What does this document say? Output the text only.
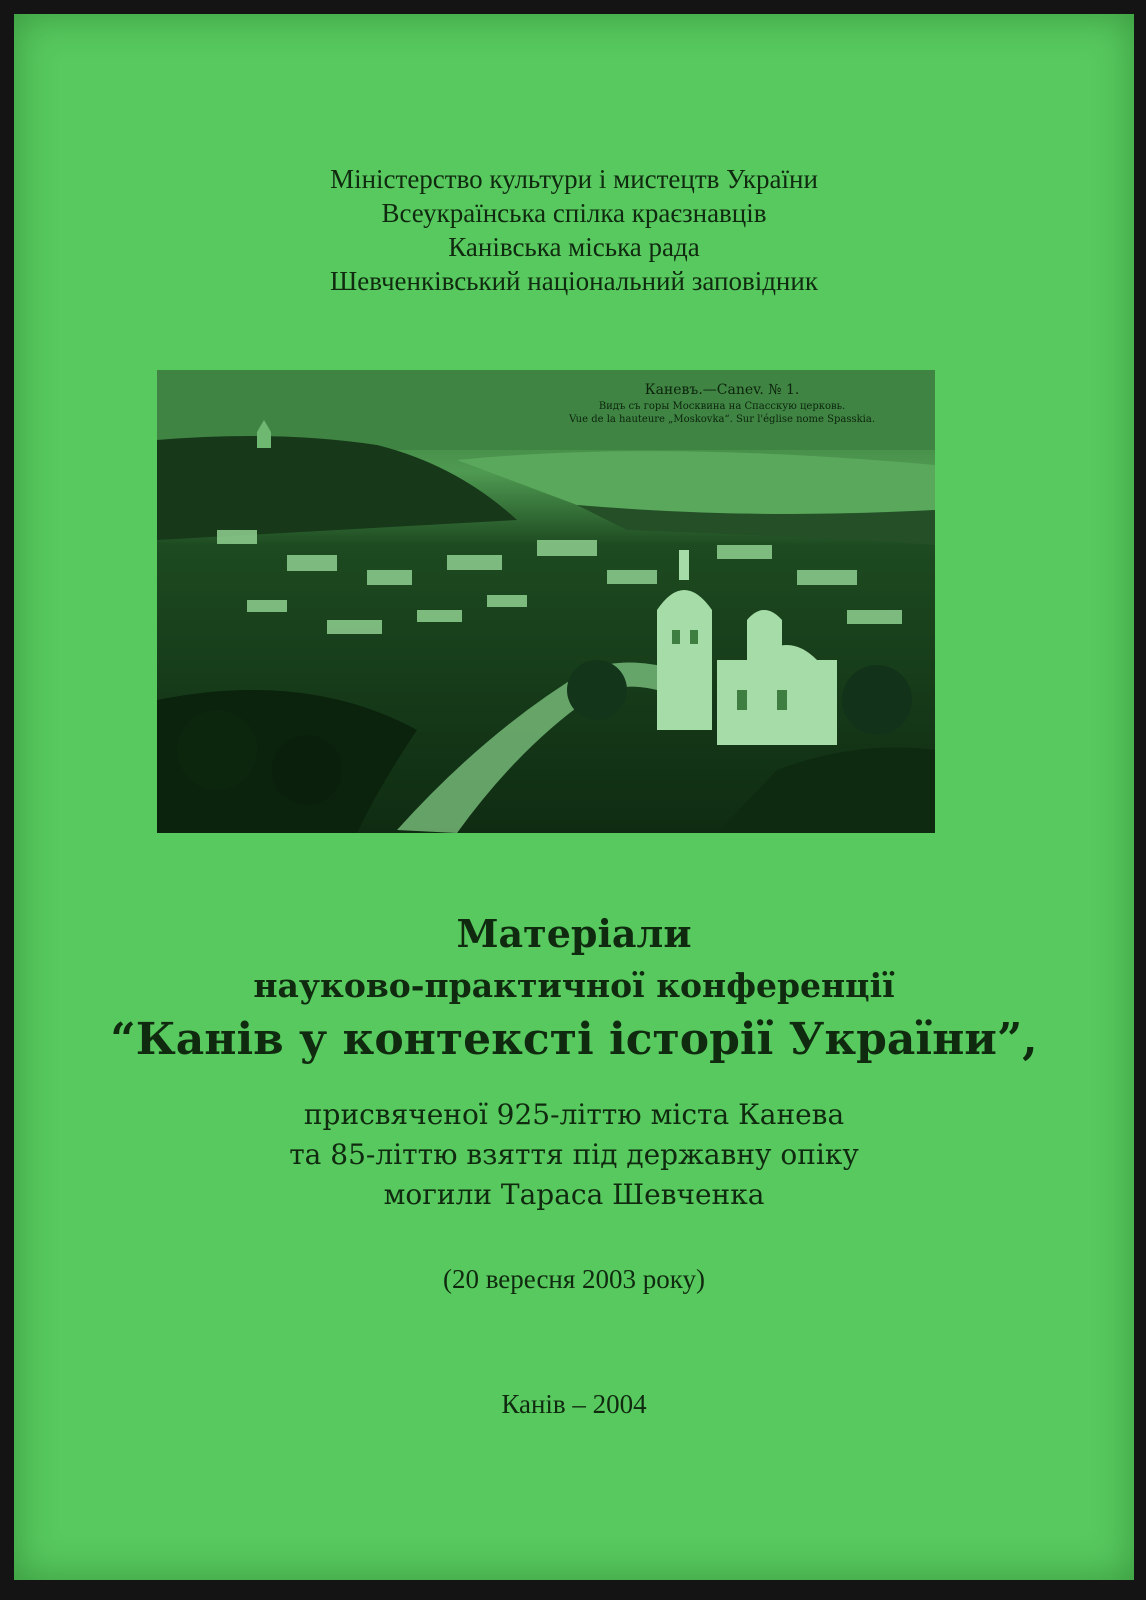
Міністерство культури і мистецтв України
Всеукраїнська спілка краєзнавців
Канівська міська рада
Шевченківський національний заповідник
Каневъ.—Canev. № 1.
Видъ съ горы Москвина на Спасскую церковь.
Vue de la hauteure „Moskovka“. Sur l'église nome Spasskia.
Матеріали
науково-практичної конференції
“Канів у контексті історії України”,
присвяченої 925-літтю міста Канева
та 85-літтю взяття під державну опіку
могили Тараса Шевченка
(20 вересня 2003 року)
Канів – 2004
